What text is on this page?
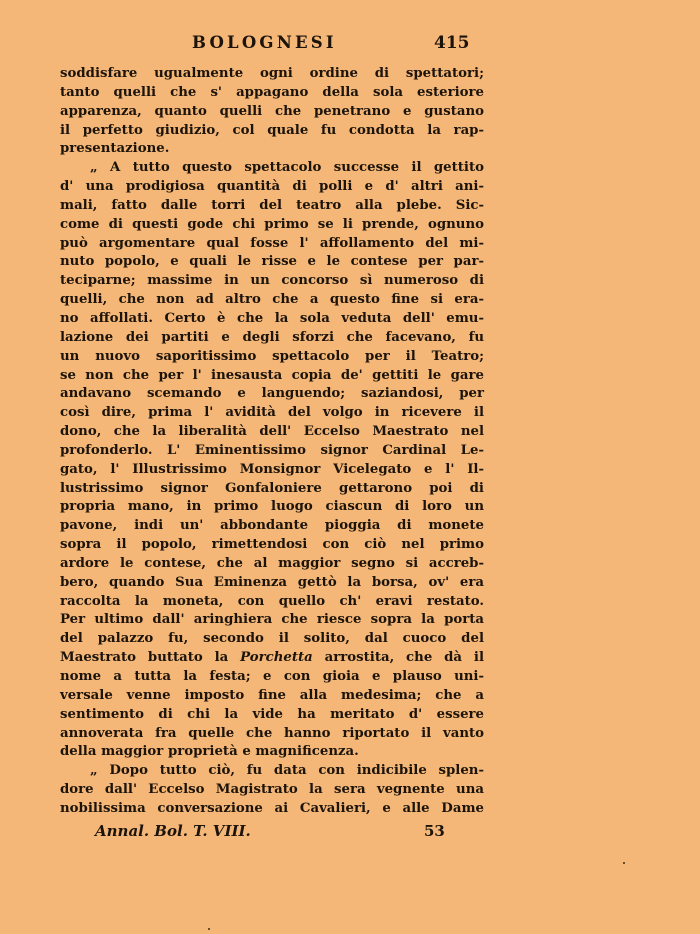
BOLOGNESI	415
soddisfare ugualmente ogni ordine di spettatori;
tanto quelli che s' appagano della sola esteriore
apparenza, quanto quelli che penetrano e gustano
il perfetto giudizio, col quale fu condotta la rap-
presentazione.
„ A tutto questo spettacolo successe il gettito
d' una prodigiosa quantità di polli e d' altri ani-
mali, fatto dalle torri del teatro alla plebe. Sic-
come di questi gode chi primo se li prende, ognuno
può argomentare qual fosse l' affollamento del mi-
nuto popolo, e quali le risse e le contese per par-
teciparne; massime in un concorso sì numeroso di
quelli, che non ad altro che a questo fine si era-
no affollati. Certo è che la sola veduta dell' emu-
lazione dei partiti e degli sforzi che facevano, fu
un nuovo saporitissimo spettacolo per il Teatro;
se non che per l' inesausta copia de' gettiti le gare
andavano scemando e languendo; saziandosi, per
così dire, prima l' avidità del volgo in ricevere il
dono, che la liberalità dell' Eccelso Maestrato nel
profonderlo. L' Eminentissimo signor Cardinal Le-
gato, l' Illustrissimo Monsignor Vicelegato e l' Il-
lustrissimo signor Gonfaloniere gettarono poi di
propria mano, in primo luogo ciascun di loro un
pavone, indi un' abbondante pioggia di monete
sopra il popolo, rimettendosi con ciò nel primo
ardore le contese, che al maggior segno si accreb-
bero, quando Sua Eminenza gettò la borsa, ov' era
raccolta la moneta, con quello ch' eravi restato.
Per ultimo dall' aringhiera che riesce sopra la porta
del palazzo fu, secondo il solito, dal cuoco del
Maestrato buttato la Porchetta arrostita, che dà il
nome a tutta la festa; e con gioia e plauso uni-
versale venne imposto fine alla medesima; che a
sentimento di chi la vide ha meritato d' essere
annoverata fra quelle che hanno riportato il vanto
della maggior proprietà e magnificenza.
„ Dopo tutto ciò, fu data con indicibile splen-
dore dall' Eccelso Magistrato la sera vegnente una
nobilissima conversazione ai Cavalieri, e alle Dame
Annal. Bol. T. VIII.	53
